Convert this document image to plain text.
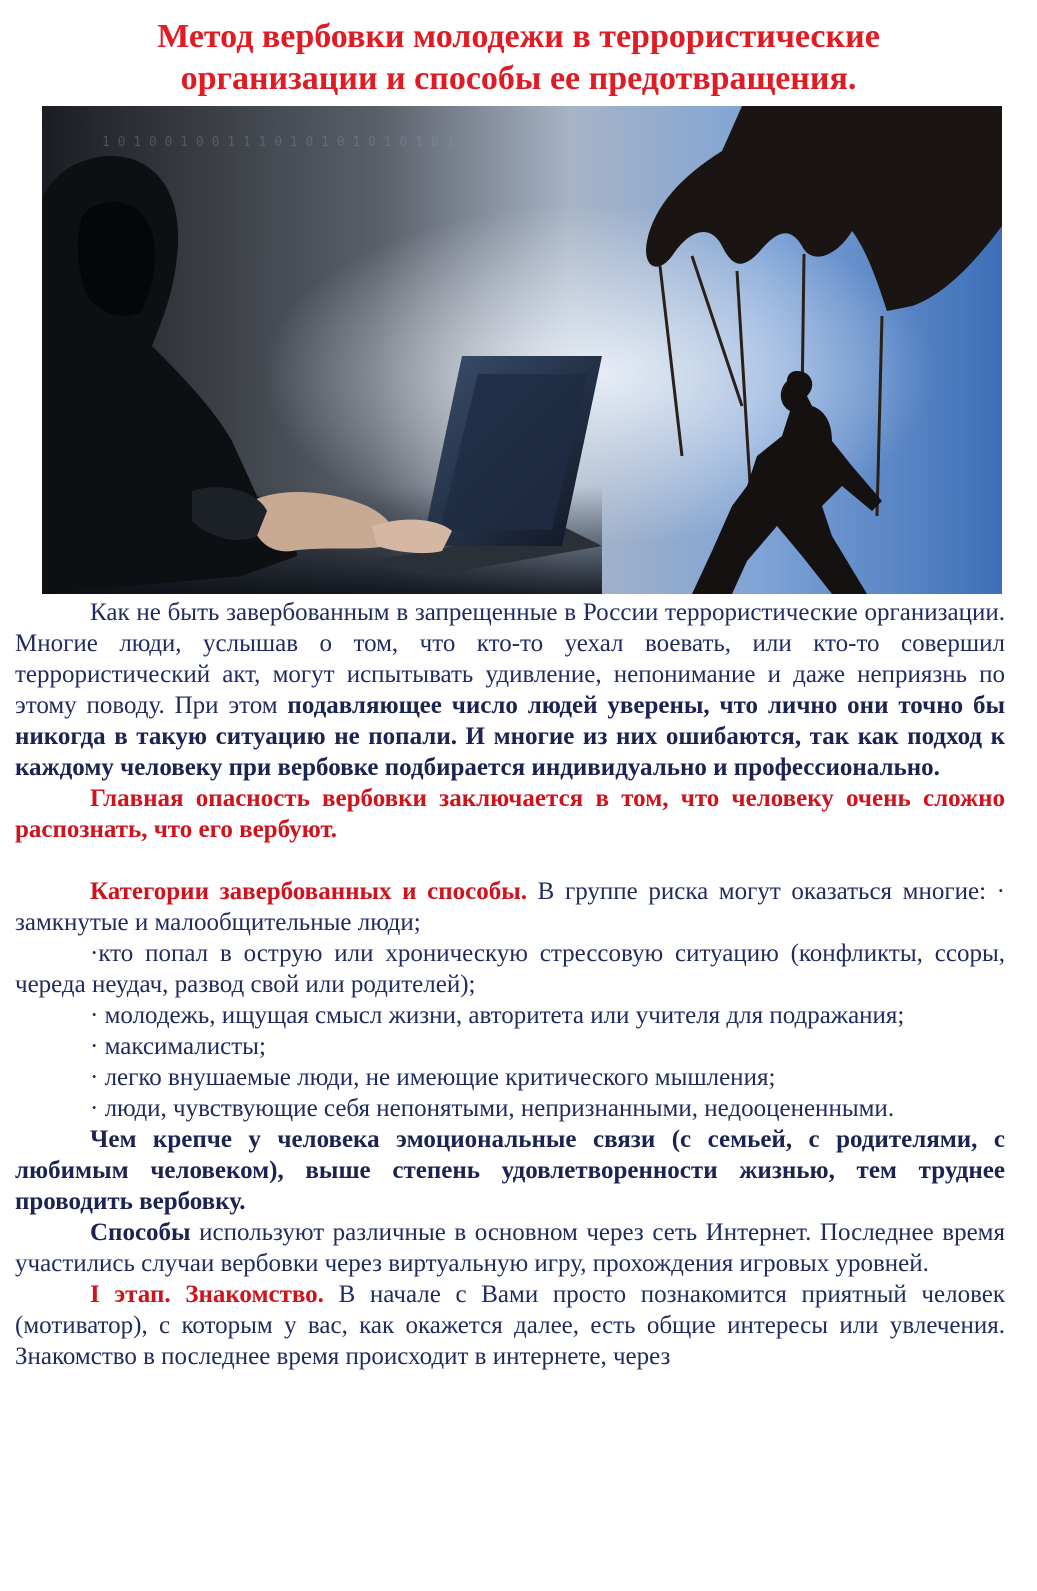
Метод вербовки молодежи в террористические
организации и способы ее предотвращения.
1 0 1 0 0 1 0 0 1 1 1 0 1 0 1 0 1 0 1 0 1 0 1

Как не быть завербованным в запрещенные в России террористические организации. Многие люди, услышав о том, что кто-то уехал воевать, или кто-то совершил террористический акт, могут испытывать удивление, непонимание и даже неприязнь по этому поводу. При этом подавляющее число людей уверены, что лично они точно бы никогда в такую ситуацию не попали. И многие из них ошибаются, так как подход к каждому человеку при вербовке подбирается индивидуально и профессионально.

Главная опасность вербовки заключается в том, что человеку очень сложно распознать, что его вербуют.

Категории завербованных и способы. В группе риска могут оказаться многие: · замкнутые и малообщительные люди;

·кто попал в острую или хроническую стрессовую ситуацию (конфликты, ссоры, череда неудач, развод свой или родителей);

· молодежь, ищущая смысл жизни, авторитета или учителя для подражания;

· максималисты;

· легко внушаемые люди, не имеющие критического мышления;

· люди, чувствующие себя непонятыми, непризнанными, недооцененными.

Чем крепче у человека эмоциональные связи (с семьей, с родителями, с любимым человеком), выше степень удовлетворенности жизнью, тем труднее проводить вербовку.

Способы используют различные в основном через сеть Интернет. Последнее время участились случаи вербовки через виртуальную игру, прохождения игровых уровней.

I этап. Знакомство. В начале с Вами просто познакомится приятный человек (мотиватор), с которым у вас, как окажется далее, есть общие интересы или увлечения. Знакомство в последнее время происходит в интернете, через
